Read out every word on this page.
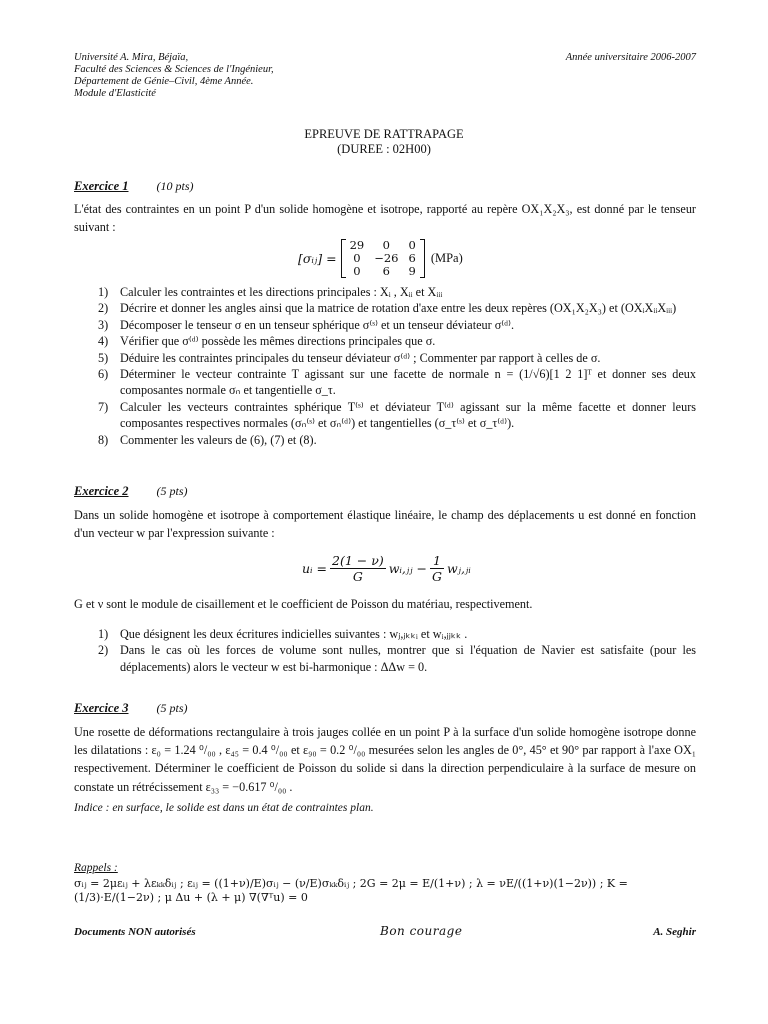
Université A. Mira, Béjaïa,
Faculté des Sciences & Sciences de l'Ingénieur,
Département de Génie–Civil, 4ème Année.
Module d'Elasticité
Année universitaire 2006-2007
EPREUVE DE RATTRAPAGE
(DUREE : 02H00)
Exercice 1 (10 pts)
L'état des contraintes en un point P d'un solide homogène et isotrope, rapporté au repère OX₁X₂X₃, est donné par le tenseur suivant :
[σᵢⱼ] =
29	0	0
0	−26	6
0	6	9
(MPa)
1) Calculer les contraintes et les directions principales : Xᵢ , Xᵢᵢ et Xᵢᵢᵢ
2) Décrire et donner les angles ainsi que la matrice de rotation d'axe entre les deux repères (OX₁X₂X₃) et (OXᵢXᵢᵢXᵢᵢᵢ)
3) Décomposer le tenseur σ en un tenseur sphérique σ⁽ˢ⁾ et un tenseur déviateur σ⁽ᵈ⁾.
4) Vérifier que σ⁽ᵈ⁾ possède les mêmes directions principales que σ.
5) Déduire les contraintes principales du tenseur déviateur σ⁽ᵈ⁾ ; Commenter par rapport à celles de σ.
6) Déterminer le vecteur contrainte T agissant sur une facette de normale n = (1/√6)[1 2 1]ᵀ et donner ses deux composantes normale σₙ et tangentielle σ_τ.
7) Calculer les vecteurs contraintes sphérique T⁽ˢ⁾ et déviateur T⁽ᵈ⁾ agissant sur la même facette et donner leurs composantes respectives normales (σₙ⁽ˢ⁾ et σₙ⁽ᵈ⁾) et tangentielles (σ_τ⁽ˢ⁾ et σ_τ⁽ᵈ⁾).
8) Commenter les valeurs de (6), (7) et (8).
Exercice 2 (5 pts)
Dans un solide homogène et isotrope à comportement élastique linéaire, le champ des déplacements u est donné en fonction d'un vecteur w par l'expression suivante :
uᵢ = $\frac{2(1 - \nu)}{G}$ wᵢ,ⱼⱼ − $\frac{1}{G}$ wⱼ,ⱼᵢ
G et ν sont le module de cisaillement et le coefficient de Poisson du matériau, respectivement.
1) Que désignent les deux écritures indicielles suivantes : wⱼ,ⱼₖₖᵢ et wᵢ,ⱼⱼₖₖ .
2) Dans le cas où les forces de volume sont nulles, montrer que si l'équation de Navier est satisfaite (pour les déplacements) alors le vecteur w est bi-harmonique : ΔΔw = 0.
Exercice 3 (5 pts)
Une rosette de déformations rectangulaire à trois jauges collée en un point P à la surface d'un solide homogène isotrope donne les dilatations : ε₀ = 1.24 ⁰/₀₀ , ε₄₅ = 0.4 ⁰/₀₀ et ε₉₀ = 0.2 ⁰/₀₀ mesurées selon les angles de 0°, 45° et 90° par rapport à l'axe OX₁ respectivement. Déterminer le coefficient de Poisson du solide si dans la direction perpendiculaire à la surface de mesure on constate un rétrécissement ε₃₃ = −0.617 ⁰/₀₀ .
Indice : en surface, le solide est dans un état de contraintes plan.
Rappels :
σᵢⱼ = 2μεᵢⱼ + λεₖₖδᵢⱼ ; εᵢⱼ = ((1+ν)/E)σᵢⱼ − (ν/E)σₖₖδᵢⱼ ; 2G = 2μ = E/(1+ν) ; λ = νE/((1+ν)(1−2ν)) ; K = (1/3)·E/(1−2ν) ; μ Δu + (λ + μ) ∇(∇ᵀu) = 0
Documents NON autorisés	Bon courage	A. Seghir
